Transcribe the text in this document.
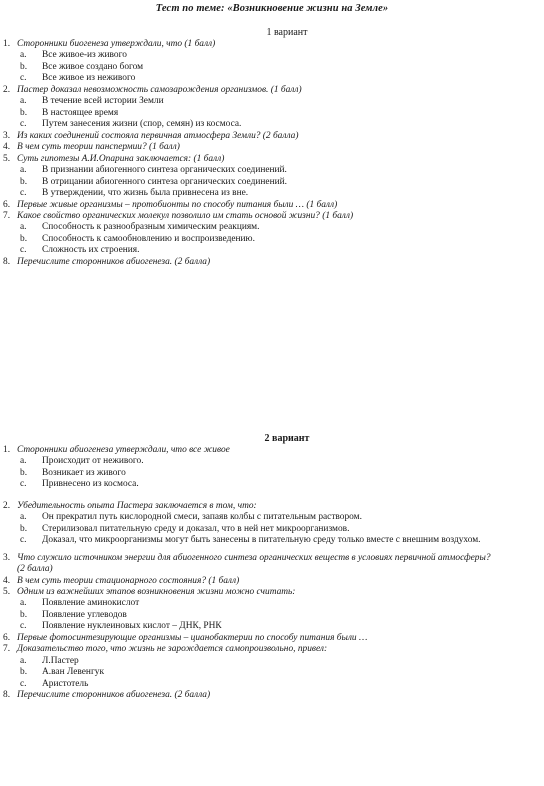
Тест по теме: «Возникновение жизни на Земле»
1 вариант
1. Сторонники биогенеза утверждали, что (1 балл)
a.	Все живое-из живого
b.	Все живое создано богом
c.	Все живое из неживого
2. Пастер доказал невозможность самозарождения организмов. (1 балл)
a.	В течение всей истории Земли
b.	В настоящее время
c.	Путем занесения жизни (спор, семян) из космоса.
3. Из каких соединений состояла первичная атмосфера Земли? (2 балла)
4. В чем суть теории панспермии? (1 балл)
5. Суть гипотезы А.И.Опарина заключается: (1 балл)
a.	В признании абиогенного синтеза органических соединений.
b.	В отрицании абиогенного синтеза органических соединений.
c.	В утверждении, что жизнь была привнесена из вне.
6. Первые живые организмы – протобионты по способу питания были … (1 балл)
7. Какое свойство органических молекул позволило им стать основой жизни? (1 балл)
a.	Способность к разнообразным химическим реакциям.
b.	Способность к самообновлению и воспроизведению.
c.	Сложность их строения.
8. Перечислите сторонников абиогенеза. (2 балла)
2 вариант
1. Сторонники абиогенеза утверждали, что все живое
a.	Происходит от неживого.
b.	Возникает из живого
c.	Привнесено из космоса.
2. Убедительность опыта Пастера заключается в том, что:
a.	Он прекратил путь кислородной смеси, запаяв колбы с питательным раствором.
b.	Стерилизовал питательную среду и доказал, что в ней нет микроорганизмов.
c.	Доказал, что микроорганизмы могут быть занесены в питательную среду только вместе с внешним воздухом.
3. Что служило источником энергии для абиогенного синтеза органических веществ в условиях первичной атмосферы? (2 балла)
4. В чем суть теории стационарного состояния? (1 балл)
5. Одним из важнейших этапов возникновения жизни можно считать:
a.	Появление аминокислот
b.	Появление углеводов
c.	Появление нуклеиновых кислот – ДНК, РНК
6. Первые фотосинтезирующие организмы – цианобактерии по способу питания были …
7. Доказательство того, что жизнь не зарождается самопроизвольно, привел:
a.	Л.Пастер
b.	А.ван Левенгук
c.	Аристотель
8. Перечислите сторонников абиогенеза. (2 балла)
